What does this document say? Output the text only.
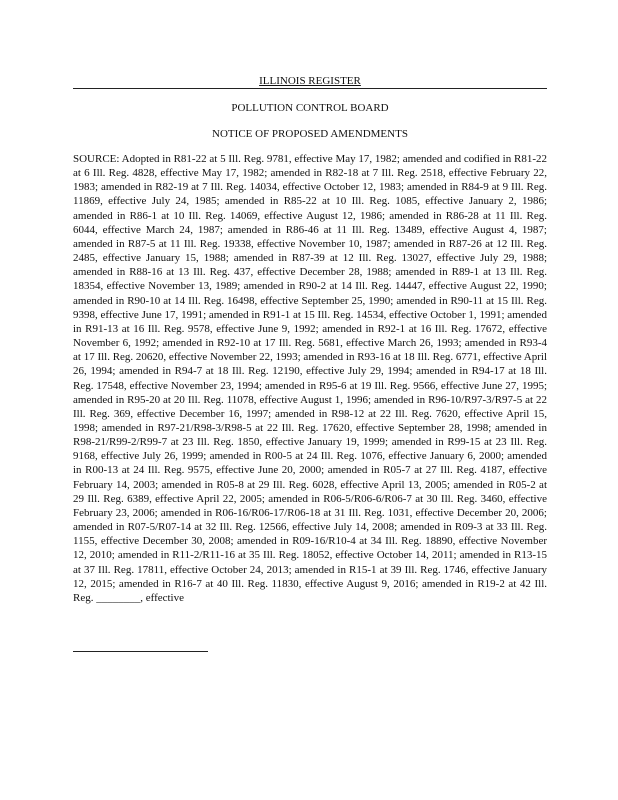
ILLINOIS REGISTER
POLLUTION CONTROL BOARD
NOTICE OF PROPOSED AMENDMENTS
SOURCE: Adopted in R81-22 at 5 Ill. Reg. 9781, effective May 17, 1982; amended and codified in R81-22 at 6 Ill. Reg. 4828, effective May 17, 1982; amended in R82-18 at 7 Ill. Reg. 2518, effective February 22, 1983; amended in R82-19 at 7 Ill. Reg. 14034, effective October 12, 1983; amended in R84-9 at 9 Ill. Reg. 11869, effective July 24, 1985; amended in R85-22 at 10 Ill. Reg. 1085, effective January 2, 1986; amended in R86-1 at 10 Ill. Reg. 14069, effective August 12, 1986; amended in R86-28 at 11 Ill. Reg. 6044, effective March 24, 1987; amended in R86-46 at 11 Ill. Reg. 13489, effective August 4, 1987; amended in R87-5 at 11 Ill. Reg. 19338, effective November 10, 1987; amended in R87-26 at 12 Ill. Reg. 2485, effective January 15, 1988; amended in R87-39 at 12 Ill. Reg. 13027, effective July 29, 1988; amended in R88-16 at 13 Ill. Reg. 437, effective December 28, 1988; amended in R89-1 at 13 Ill. Reg. 18354, effective November 13, 1989; amended in R90-2 at 14 Ill. Reg. 14447, effective August 22, 1990; amended in R90-10 at 14 Ill. Reg. 16498, effective September 25, 1990; amended in R90-11 at 15 Ill. Reg. 9398, effective June 17, 1991; amended in R91-1 at 15 Ill. Reg. 14534, effective October 1, 1991; amended in R91-13 at 16 Ill. Reg. 9578, effective June 9, 1992; amended in R92-1 at 16 Ill. Reg. 17672, effective November 6, 1992; amended in R92-10 at 17 Ill. Reg. 5681, effective March 26, 1993; amended in R93-4 at 17 Ill. Reg. 20620, effective November 22, 1993; amended in R93-16 at 18 Ill. Reg. 6771, effective April 26, 1994; amended in R94-7 at 18 Ill. Reg. 12190, effective July 29, 1994; amended in R94-17 at 18 Ill. Reg. 17548, effective November 23, 1994; amended in R95-6 at 19 Ill. Reg. 9566, effective June 27, 1995; amended in R95-20 at 20 Ill. Reg. 11078, effective August 1, 1996; amended in R96-10/R97-3/R97-5 at 22 Ill. Reg. 369, effective December 16, 1997; amended in R98-12 at 22 Ill. Reg. 7620, effective April 15, 1998; amended in R97-21/R98-3/R98-5 at 22 Ill. Reg. 17620, effective September 28, 1998; amended in R98-21/R99-2/R99-7 at 23 Ill. Reg. 1850, effective January 19, 1999; amended in R99-15 at 23 Ill. Reg. 9168, effective July 26, 1999; amended in R00-5 at 24 Ill. Reg. 1076, effective January 6, 2000; amended in R00-13 at 24 Ill. Reg. 9575, effective June 20, 2000; amended in R05-7 at 27 Ill. Reg. 4187, effective February 14, 2003; amended in R05-8 at 29 Ill. Reg. 6028, effective April 13, 2005; amended in R05-2 at 29 Ill. Reg. 6389, effective April 22, 2005; amended in R06-5/R06-6/R06-7 at 30 Ill. Reg. 3460, effective February 23, 2006; amended in R06-16/R06-17/R06-18 at 31 Ill. Reg. 1031, effective December 20, 2006; amended in R07-5/R07-14 at 32 Ill. Reg. 12566, effective July 14, 2008; amended in R09-3 at 33 Ill. Reg. 1155, effective December 30, 2008; amended in R09-16/R10-4 at 34 Ill. Reg. 18890, effective November 12, 2010; amended in R11-2/R11-16 at 35 Ill. Reg. 18052, effective October 14, 2011; amended in R13-15 at 37 Ill. Reg. 17811, effective October 24, 2013; amended in R15-1 at 39 Ill. Reg. 1746, effective January 12, 2015; amended in R16-7 at 40 Ill. Reg. 11830, effective August 9, 2016; amended in R19-2 at 42 Ill. Reg. ________, effective
